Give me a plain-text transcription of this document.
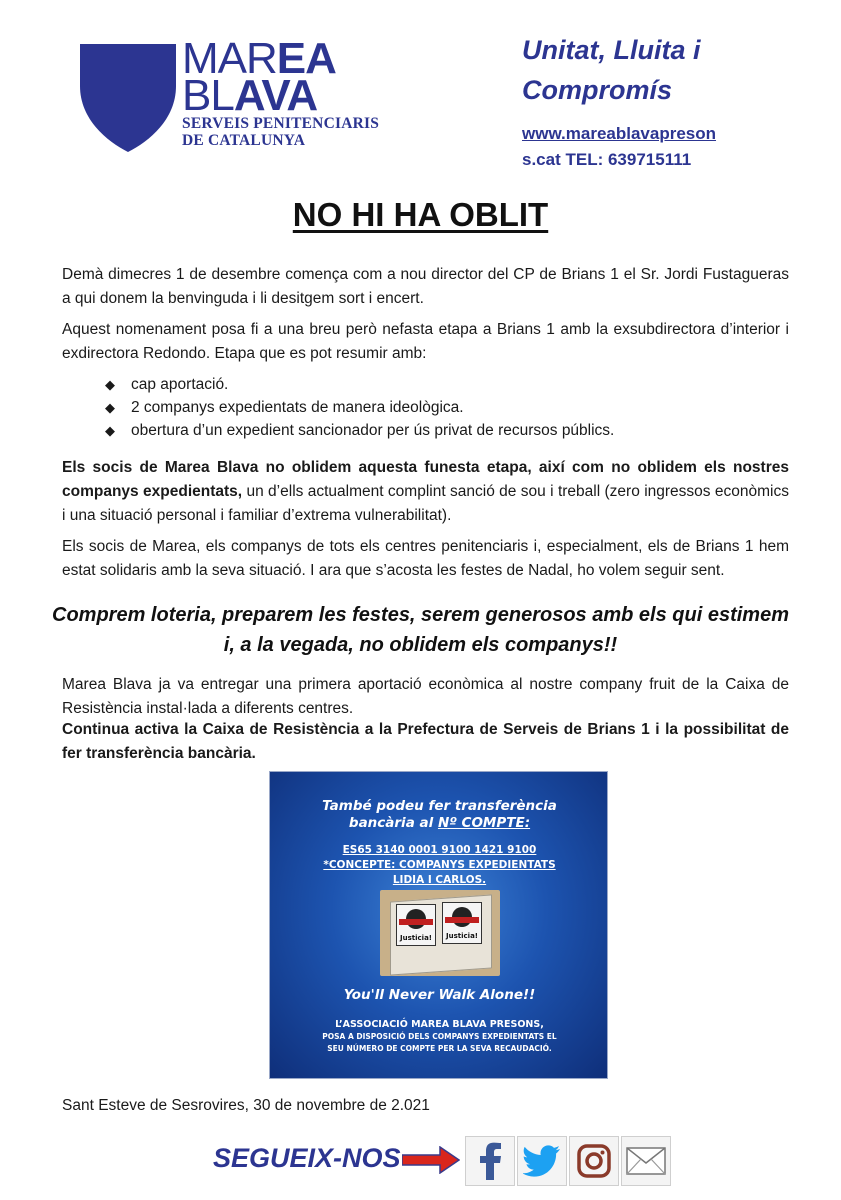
MAREA
BLAVA
SERVEIS PENITENCIARIS
DE CATALUNYA
Unitat, Lluita i
Compromís
www.mareablavapreson
s.cat TEL: 639715111
NO HI HA OBLIT
Demà dimecres 1 de desembre comença com a nou director del CP de Brians 1 el Sr. Jordi Fustagueras a qui donem la benvinguda i li desitgem sort i encert.
Aquest nomenament posa fi a una breu però nefasta etapa a Brians 1 amb la exsubdirectora d’interior i exdirectora Redondo. Etapa que es pot resumir amb:
◆	cap aportació.
◆	2 companys expedientats de manera ideològica.
◆	obertura d’un expedient sancionador per ús privat de recursos públics.
Els socis de Marea Blava no oblidem aquesta funesta etapa, així com no oblidem els nostres companys expedientats, un d’ells actualment complint sanció de sou i treball (zero ingressos econòmics i una situació personal i familiar d’extrema vulnerabilitat).
Els socis de Marea, els companys de tots els centres penitenciaris i, especialment, els de Brians 1 hem estat solidaris amb la seva situació. I ara que s’acosta les festes de Nadal, ho volem seguir sent.
Comprem loteria, preparem les festes, serem generosos amb els qui estimem
i, a la vegada, no oblidem els companys!!
Marea Blava ja va entregar una primera aportació econòmica al nostre company fruit de la Caixa de Resistència instal·lada a diferents centres.
Continua activa la Caixa de Resistència a la Prefectura de Serveis de Brians 1 i la possibilitat de fer transferència bancària.
També podeu fer transferència
bancària al Nº COMPTE:
ES65 3140 0001 9100 1421 9100
*CONCEPTE: COMPANYS EXPEDIENTATS
LIDIA I CARLOS.
Justicia! Justicia!
You'll Never Walk Alone!!
L’ASSOCIACIÓ MAREA BLAVA PRESONS,
POSA A DISPOSICIÓ DELS COMPANYS EXPEDIENTATS EL
SEU NÚMERO DE COMPTE PER LA SEVA RECAUDACIÓ.
Sant Esteve de Sesrovires, 30 de novembre de 2.021
SEGUEIX-NOS
